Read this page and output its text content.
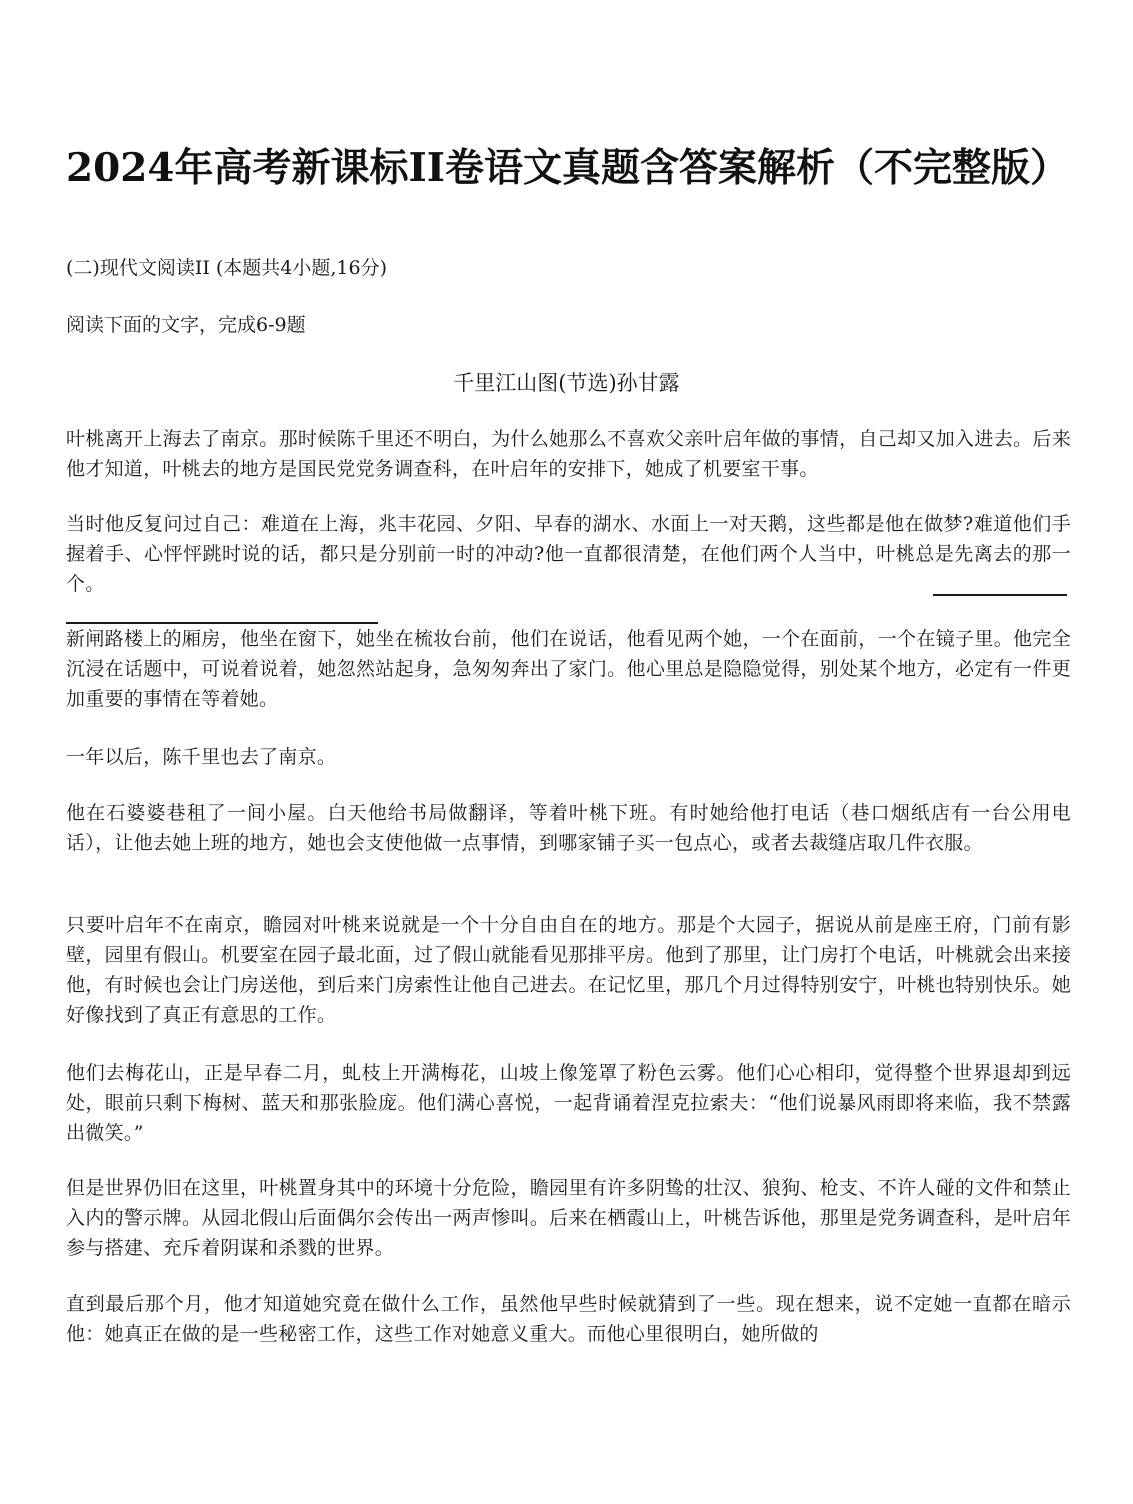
2024年高考新课标II卷语文真题含答案解析（不完整版）
(二)现代文阅读II (本题共4小题,16分)
阅读下面的文字，完成6-9题
千里江山图(节选)孙甘露
叶桃离开上海去了南京。那时候陈千里还不明白，为什么她那么不喜欢父亲叶启年做的事情，自己却又加入进去。后来他才知道，叶桃去的地方是国民党党务调查科，在叶启年的安排下，她成了机要室干事。
当时他反复问过自己：难道在上海，兆丰花园、夕阳、早春的湖水、水面上一对天鹅，这些都是他在做梦?难道他们手握着手、心怦怦跳时说的话，都只是分别前一时的冲动?他一直都很清楚，在他们两个人当中，叶桃总是先离去的那一个。
新闸路楼上的厢房，他坐在窗下，她坐在梳妆台前，他们在说话，他看见两个她，一个在面前，一个在镜子里。他完全沉浸在话题中，可说着说着，她忽然站起身，急匆匆奔出了家门。他心里总是隐隐觉得，别处某个地方，必定有一件更加重要的事情在等着她。
一年以后，陈千里也去了南京。
他在石婆婆巷租了一间小屋。白天他给书局做翻译，等着叶桃下班。有时她给他打电话（巷口烟纸店有一台公用电话），让他去她上班的地方，她也会支使他做一点事情，到哪家铺子买一包点心，或者去裁缝店取几件衣服。
只要叶启年不在南京，瞻园对叶桃来说就是一个十分自由自在的地方。那是个大园子，据说从前是座王府，门前有影壁，园里有假山。机要室在园子最北面，过了假山就能看见那排平房。他到了那里，让门房打个电话，叶桃就会出来接他，有时候也会让门房送他，到后来门房索性让他自己进去。在记忆里，那几个月过得特别安宁，叶桃也特别快乐。她好像找到了真正有意思的工作。
他们去梅花山，正是早春二月，虬枝上开满梅花，山坡上像笼罩了粉色云雾。他们心心相印，觉得整个世界退却到远处，眼前只剩下梅树、蓝天和那张脸庞。他们满心喜悦，一起背诵着涅克拉索夫：“他们说暴风雨即将来临，我不禁露出微笑。”
但是世界仍旧在这里，叶桃置身其中的环境十分危险，瞻园里有许多阴鸷的壮汉、狼狗、枪支、不许人碰的文件和禁止入内的警示牌。从园北假山后面偶尔会传出一两声惨叫。后来在栖霞山上，叶桃告诉他，那里是党务调查科，是叶启年参与搭建、充斥着阴谋和杀戮的世界。
直到最后那个月，他才知道她究竟在做什么工作，虽然他早些时候就猜到了一些。现在想来，说不定她一直都在暗示他：她真正在做的是一些秘密工作，这些工作对她意义重大。而他心里很明白，她所做的
